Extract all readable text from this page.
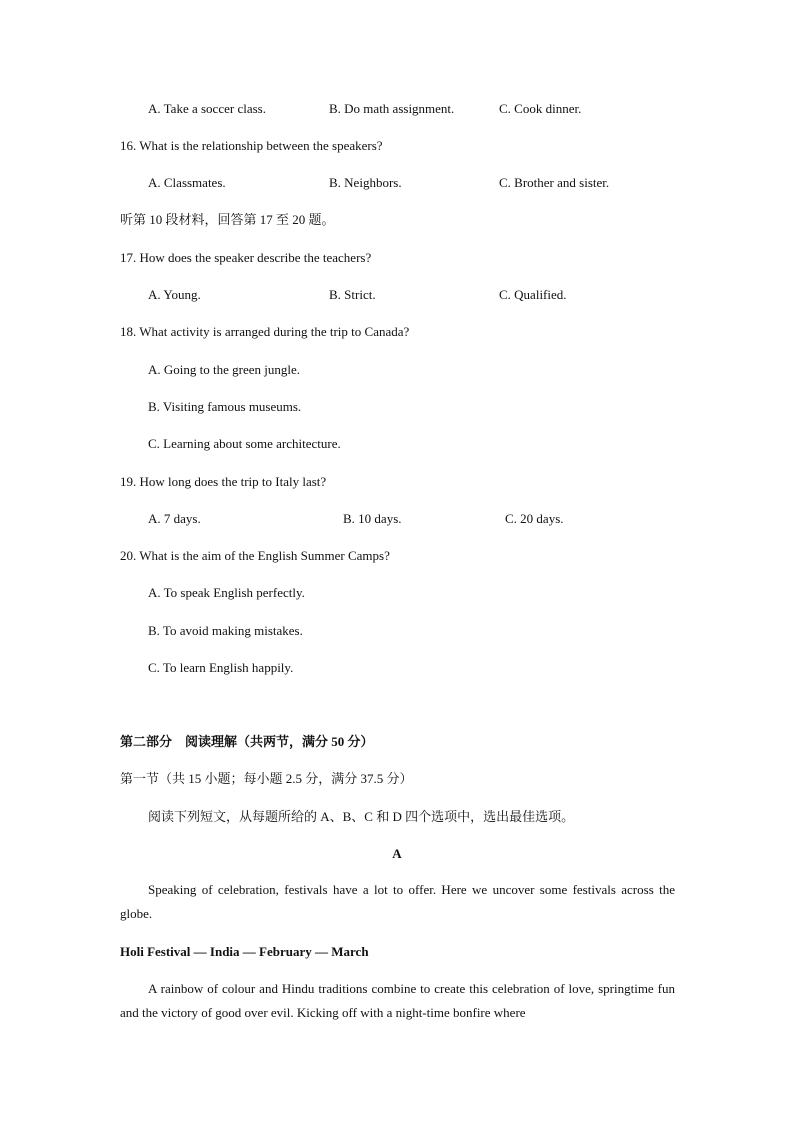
A. Take a soccer class.	B. Do math assignment.	C. Cook dinner.
16. What is the relationship between the speakers?
A. Classmates.	B. Neighbors.	C. Brother and sister.
听第 10 段材料，回答第 17 至 20 题。
17. How does the speaker describe the teachers?
A. Young.	B. Strict.	C. Qualified.
18. What activity is arranged during the trip to Canada?
A. Going to the green jungle.
B. Visiting famous museums.
C. Learning about some architecture.
19. How long does the trip to Italy last?
A. 7 days.	B. 10 days.	C. 20 days.
20. What is the aim of the English Summer Camps?
A. To speak English perfectly.
B. To avoid making mistakes.
C. To learn English happily.
第二部分　阅读理解（共两节，满分 50 分）
第一节（共 15 小题；每小题 2.5 分，满分 37.5 分）
阅读下列短文，从每题所给的 A、B、C 和 D 四个选项中，选出最佳选项。
A
Speaking of celebration, festivals have a lot to offer. Here we uncover some festivals across the globe.
Holi Festival — India — February — March
A rainbow of colour and Hindu traditions combine to create this celebration of love, springtime fun and the victory of good over evil. Kicking off with a night-time bonfire where
